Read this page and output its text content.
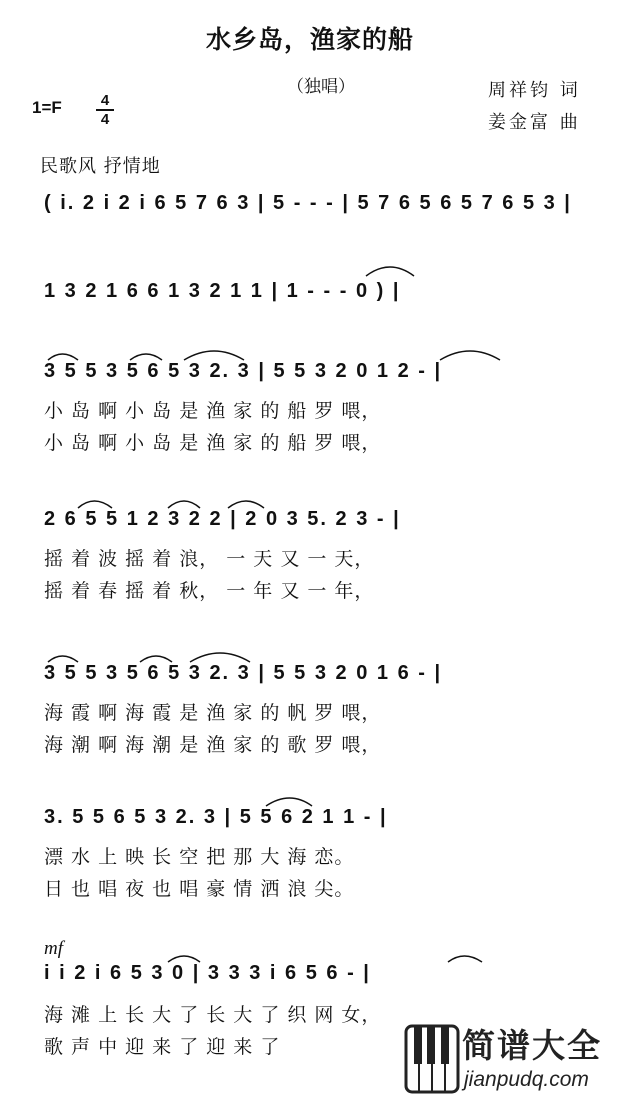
水乡岛，渔家的船
（独唱）	周祥钧 词
姜金富 曲
1=F	4
4
民歌风 抒情地
( i. 2 i 2 i 6 5 7 6 3 | 5 - - - | 5 7 6 5 6 5 7 6 5 3 |
1 3 2 1 6 6 1 3 2 1 1 | 1 - - - 0 ) |
3 5 5 3 5 6 5 3 2. 3 | 5 5 3 2 0 1 2 - |
小 岛 啊 小 岛 是 渔 家 的 船 罗 喂，
小 岛 啊 小 岛 是 渔 家 的 船 罗 喂，
2 6 5 5 1 2 3 2 2 | 2 0 3 5. 2 3 - |
摇 着 波 摇 着 浪， 一 天 又 一 天，
摇 着 春 摇 着 秋， 一 年 又 一 年，
3 5 5 3 5 6 5 3 2. 3 | 5 5 3 2 0 1 6 - |
海 霞 啊 海 霞 是 渔 家 的 帆 罗 喂，
海 潮 啊 海 潮 是 渔 家 的 歌 罗 喂，
3. 5 5 6 5 3 2. 3 | 5 5 6 2 1 1 - |
漂 水 上 映 长 空 把 那 大 海 恋。
日 也 唱 夜 也 唱 豪 情 洒 浪 尖。
mf
i i 2 i 6 5 3 0 | 3 3 3 i 6 5 6 - |
海 滩 上 长 大 了 长 大 了 织 网 女，
歌 声 中 迎 来 了 迎 来 了	简谱大全
jianpudq.com
